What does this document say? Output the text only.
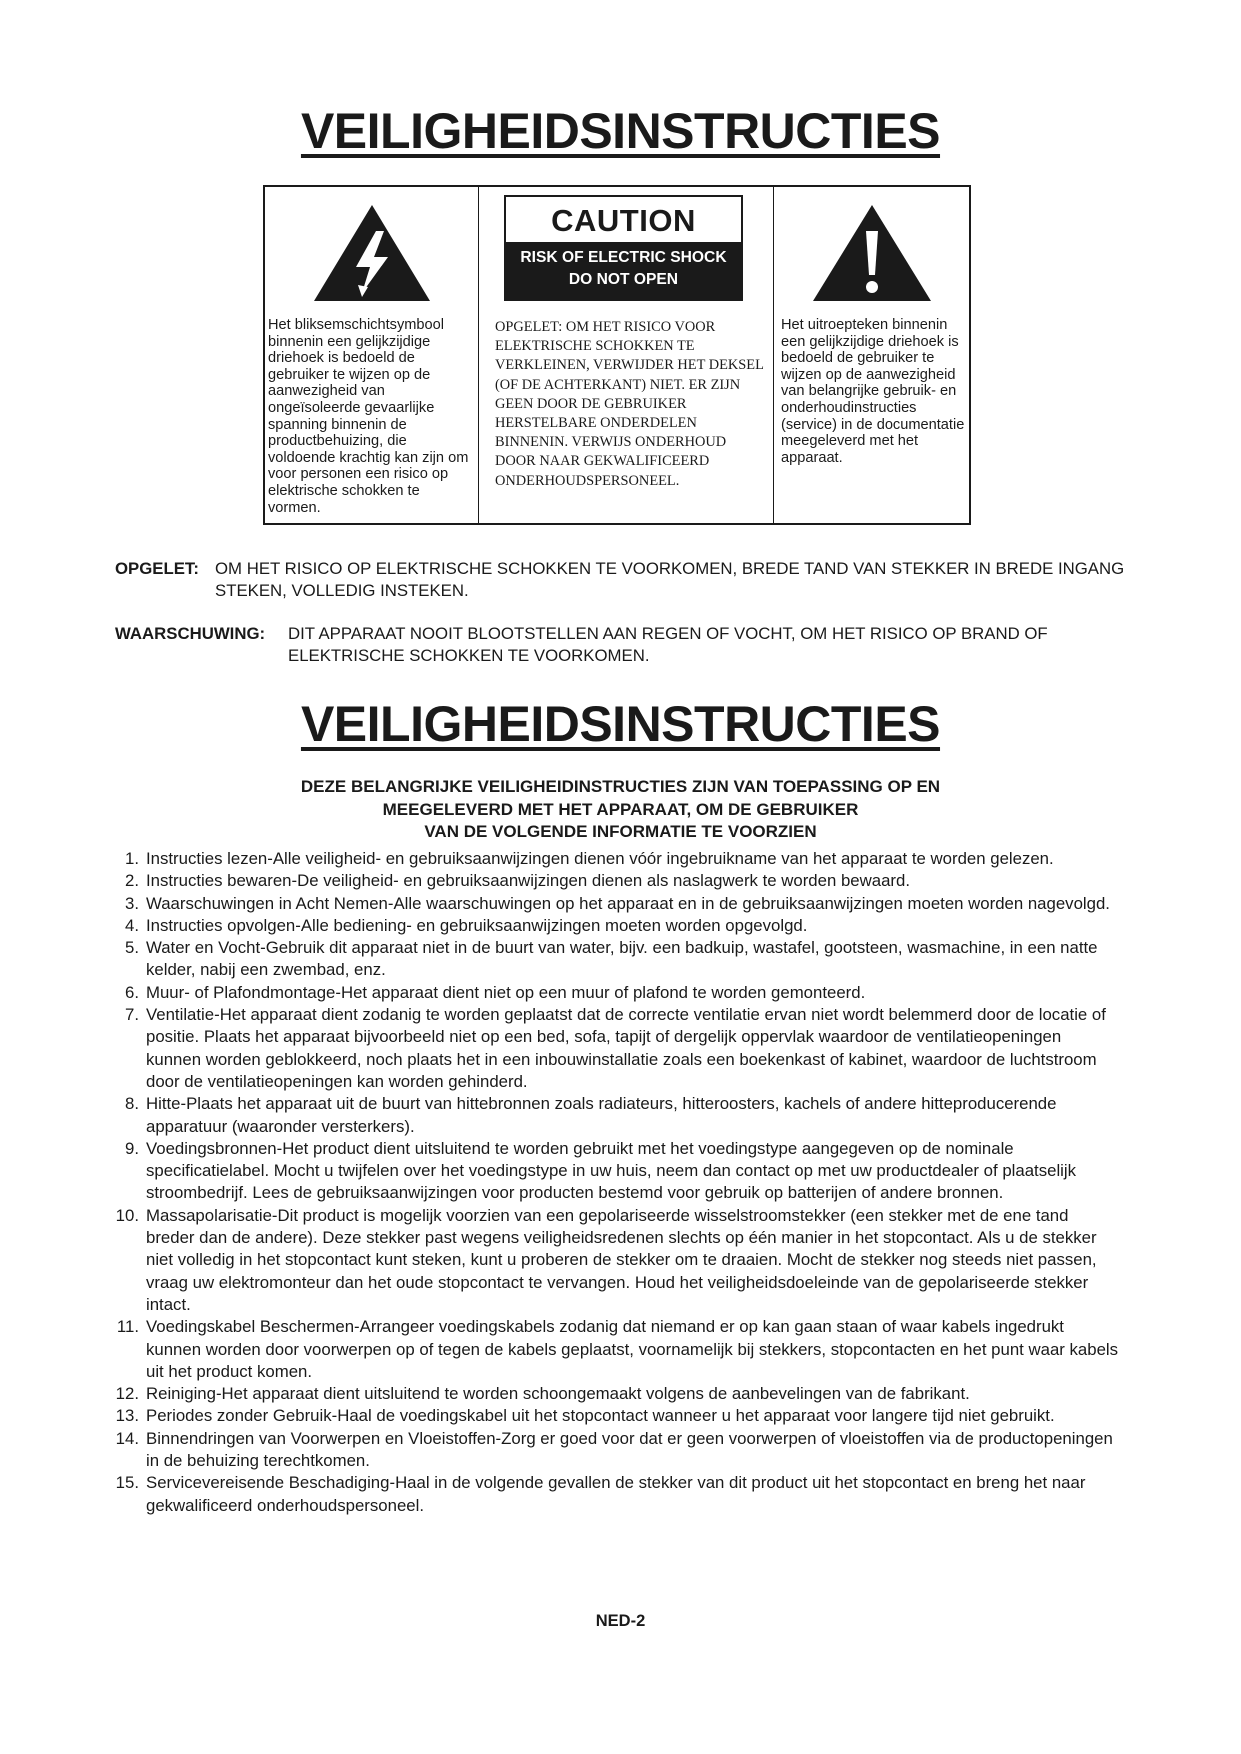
VEILIGHEIDSINSTRUCTIES

Het bliksemschichtsymbool binnenin een gelijkzijdige driehoek is bedoeld de gebruiker te wijzen op de aanwezigheid van ongeïsoleerde gevaarlijke spanning binnenin de productbehuizing, die voldoende krachtig kan zijn om voor personen een risico op elektrische schokken te vormen.

CAUTION
RISK OF ELECTRIC SHOCK
DO NOT OPEN

OPGELET: OM HET RISICO VOOR ELEKTRISCHE SCHOKKEN TE VERKLEINEN, VERWIJDER HET DEKSEL (OF DE ACHTERKANT) NIET. ER ZIJN GEEN DOOR DE GEBRUIKER HERSTELBARE ONDERDELEN BINNENIN. VERWIJS ONDERHOUD DOOR NAAR GEKWALIFICEERD ONDERHOUDSPERSONEEL.

Het uitroepteken binnenin een gelijkzijdige driehoek is bedoeld de gebruiker te wijzen op de aanwezigheid van belangrijke gebruik- en onderhoudinstructies (service) in de documentatie meegeleverd met het apparaat.

OPGELET: OM HET RISICO OP ELEKTRISCHE SCHOKKEN TE VOORKOMEN, BREDE TAND VAN STEKKER IN BREDE INGANG STEKEN, VOLLEDIG INSTEKEN.

WAARSCHUWING:	DIT APPARAAT NOOIT BLOOTSTELLEN AAN REGEN OF VOCHT, OM HET RISICO OP BRAND OF ELEKTRISCHE SCHOKKEN TE VOORKOMEN.

VEILIGHEIDSINSTRUCTIES

DEZE BELANGRIJKE VEILIGHEIDINSTRUCTIES ZIJN VAN TOEPASSING OP EN
MEEGELEVERD MET HET APPARAAT, OM DE GEBRUIKER
VAN DE VOLGENDE INFORMATIE TE VOORZIEN

1. Instructies lezen-Alle veiligheid- en gebruiksaanwijzingen dienen vóór ingebruikname van het apparaat te worden gelezen.
2. Instructies bewaren-De veiligheid- en gebruiksaanwijzingen dienen als naslagwerk te worden bewaard.
3. Waarschuwingen in Acht Nemen-Alle waarschuwingen op het apparaat en in de gebruiksaanwijzingen moeten worden nagevolgd.
4. Instructies opvolgen-Alle bediening- en gebruiksaanwijzingen moeten worden opgevolgd.
5. Water en Vocht-Gebruik dit apparaat niet in de buurt van water, bijv. een badkuip, wastafel, gootsteen, wasmachine, in een natte kelder, nabij een zwembad, enz.
6. Muur- of Plafondmontage-Het apparaat dient niet op een muur of plafond te worden gemonteerd.
7. Ventilatie-Het apparaat dient zodanig te worden geplaatst dat de correcte ventilatie ervan niet wordt belemmerd door de locatie of positie. Plaats het apparaat bijvoorbeeld niet op een bed, sofa, tapijt of dergelijk oppervlak waardoor de ventilatieopeningen kunnen worden geblokkeerd, noch plaats het in een inbouwinstallatie zoals een boekenkast of kabinet, waardoor de luchtstroom door de ventilatieopeningen kan worden gehinderd.
8. Hitte-Plaats het apparaat uit de buurt van hittebronnen zoals radiateurs, hitteroosters, kachels of andere hitteproducerende apparatuur (waaronder versterkers).
9. Voedingsbronnen-Het product dient uitsluitend te worden gebruikt met het voedingstype aangegeven op de nominale specificatielabel. Mocht u twijfelen over het voedingstype in uw huis, neem dan contact op met uw productdealer of plaatselijk stroombedrijf. Lees de gebruiksaanwijzingen voor producten bestemd voor gebruik op batterijen of andere bronnen.
10. Massapolarisatie-Dit product is mogelijk voorzien van een gepolariseerde wisselstroomstekker (een stekker met de ene tand breder dan de andere). Deze stekker past wegens veiligheidsredenen slechts op één manier in het stopcontact. Als u de stekker niet volledig in het stopcontact kunt steken, kunt u proberen de stekker om te draaien. Mocht de stekker nog steeds niet passen, vraag uw elektromonteur dan het oude stopcontact te vervangen. Houd het veiligheidsdoeleinde van de gepolariseerde stekker intact.
11. Voedingskabel Beschermen-Arrangeer voedingskabels zodanig dat niemand er op kan gaan staan of waar kabels ingedrukt kunnen worden door voorwerpen op of tegen de kabels geplaatst, voornamelijk bij stekkers, stopcontacten en het punt waar kabels uit het product komen.
12. Reiniging-Het apparaat dient uitsluitend te worden schoongemaakt volgens de aanbevelingen van de fabrikant.
13. Periodes zonder Gebruik-Haal de voedingskabel uit het stopcontact wanneer u het apparaat voor langere tijd niet gebruikt.
14. Binnendringen van Voorwerpen en Vloeistoffen-Zorg er goed voor dat er geen voorwerpen of vloeistoffen via de productopeningen in de behuizing terechtkomen.
15. Servicevereisende Beschadiging-Haal in de volgende gevallen de stekker van dit product uit het stopcontact en breng het naar gekwalificeerd onderhoudspersoneel.
NED-2
